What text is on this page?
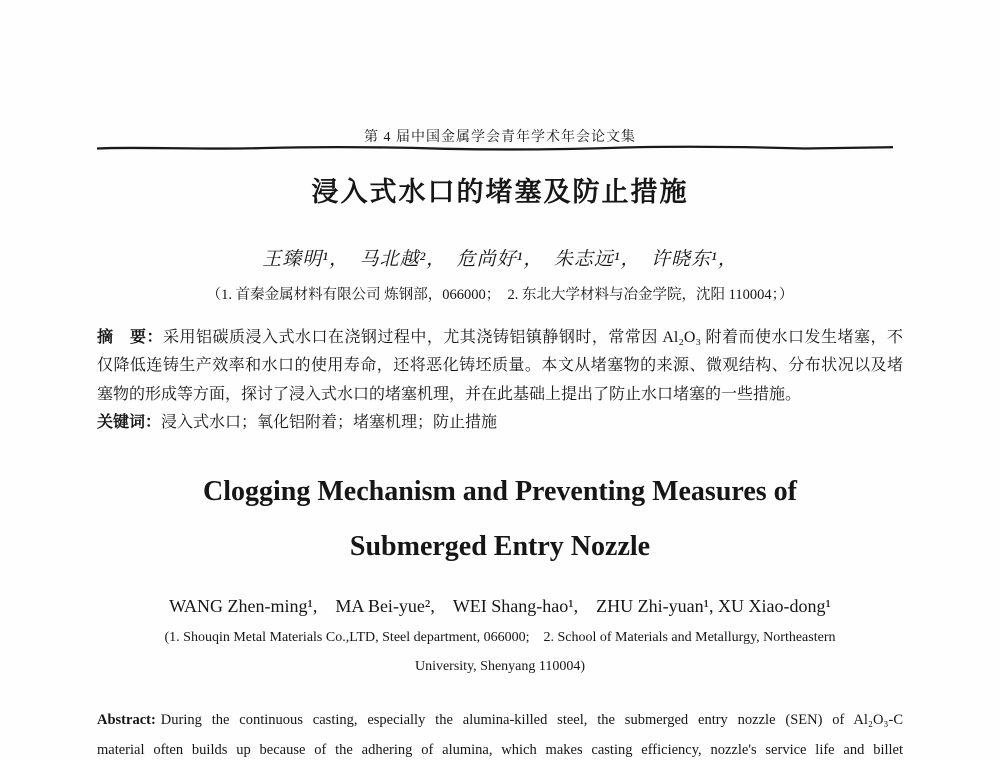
第 4 届中国金属学会青年学术年会论文集
浸入式水口的堵塞及防止措施
王臻明¹，　马北越²，　危尚好¹，　朱志远¹，　许晓东¹，
（1. 首秦金属材料有限公司 炼钢部，066000；　2. 东北大学材料与冶金学院，沈阳 110004；）
摘　要：采用铝碳质浸入式水口在浇钢过程中，尤其浇铸铝镇静钢时，常常因 Al₂O₃ 附着而使水口发生堵塞，不
仅降低连铸生产效率和水口的使用寿命，还将恶化铸坯质量。本文从堵塞物的来源、微观结构、分布状况以及堵
塞物的形成等方面，探讨了浸入式水口的堵塞机理，并在此基础上提出了防止水口堵塞的一些措施。
关键词：浸入式水口；氧化铝附着；堵塞机理；防止措施
Clogging Mechanism and Preventing Measures of
Submerged Entry Nozzle
WANG Zhen-ming¹, MA Bei-yue², WEI Shang-hao¹, ZHU Zhi-yuan¹, XU Xiao-dong¹
(1. Shouqin Metal Materials Co.,LTD, Steel department, 066000; 2. School of Materials and Metallurgy, Northeastern
University, Shenyang 110004)
Abstract: During the continuous casting, especially the alumina-killed steel, the submerged entry nozzle (SEN) of Al₂O₃-C
material often builds up because of the adhering of alumina, which makes casting efficiency, nozzle's service life and billet
